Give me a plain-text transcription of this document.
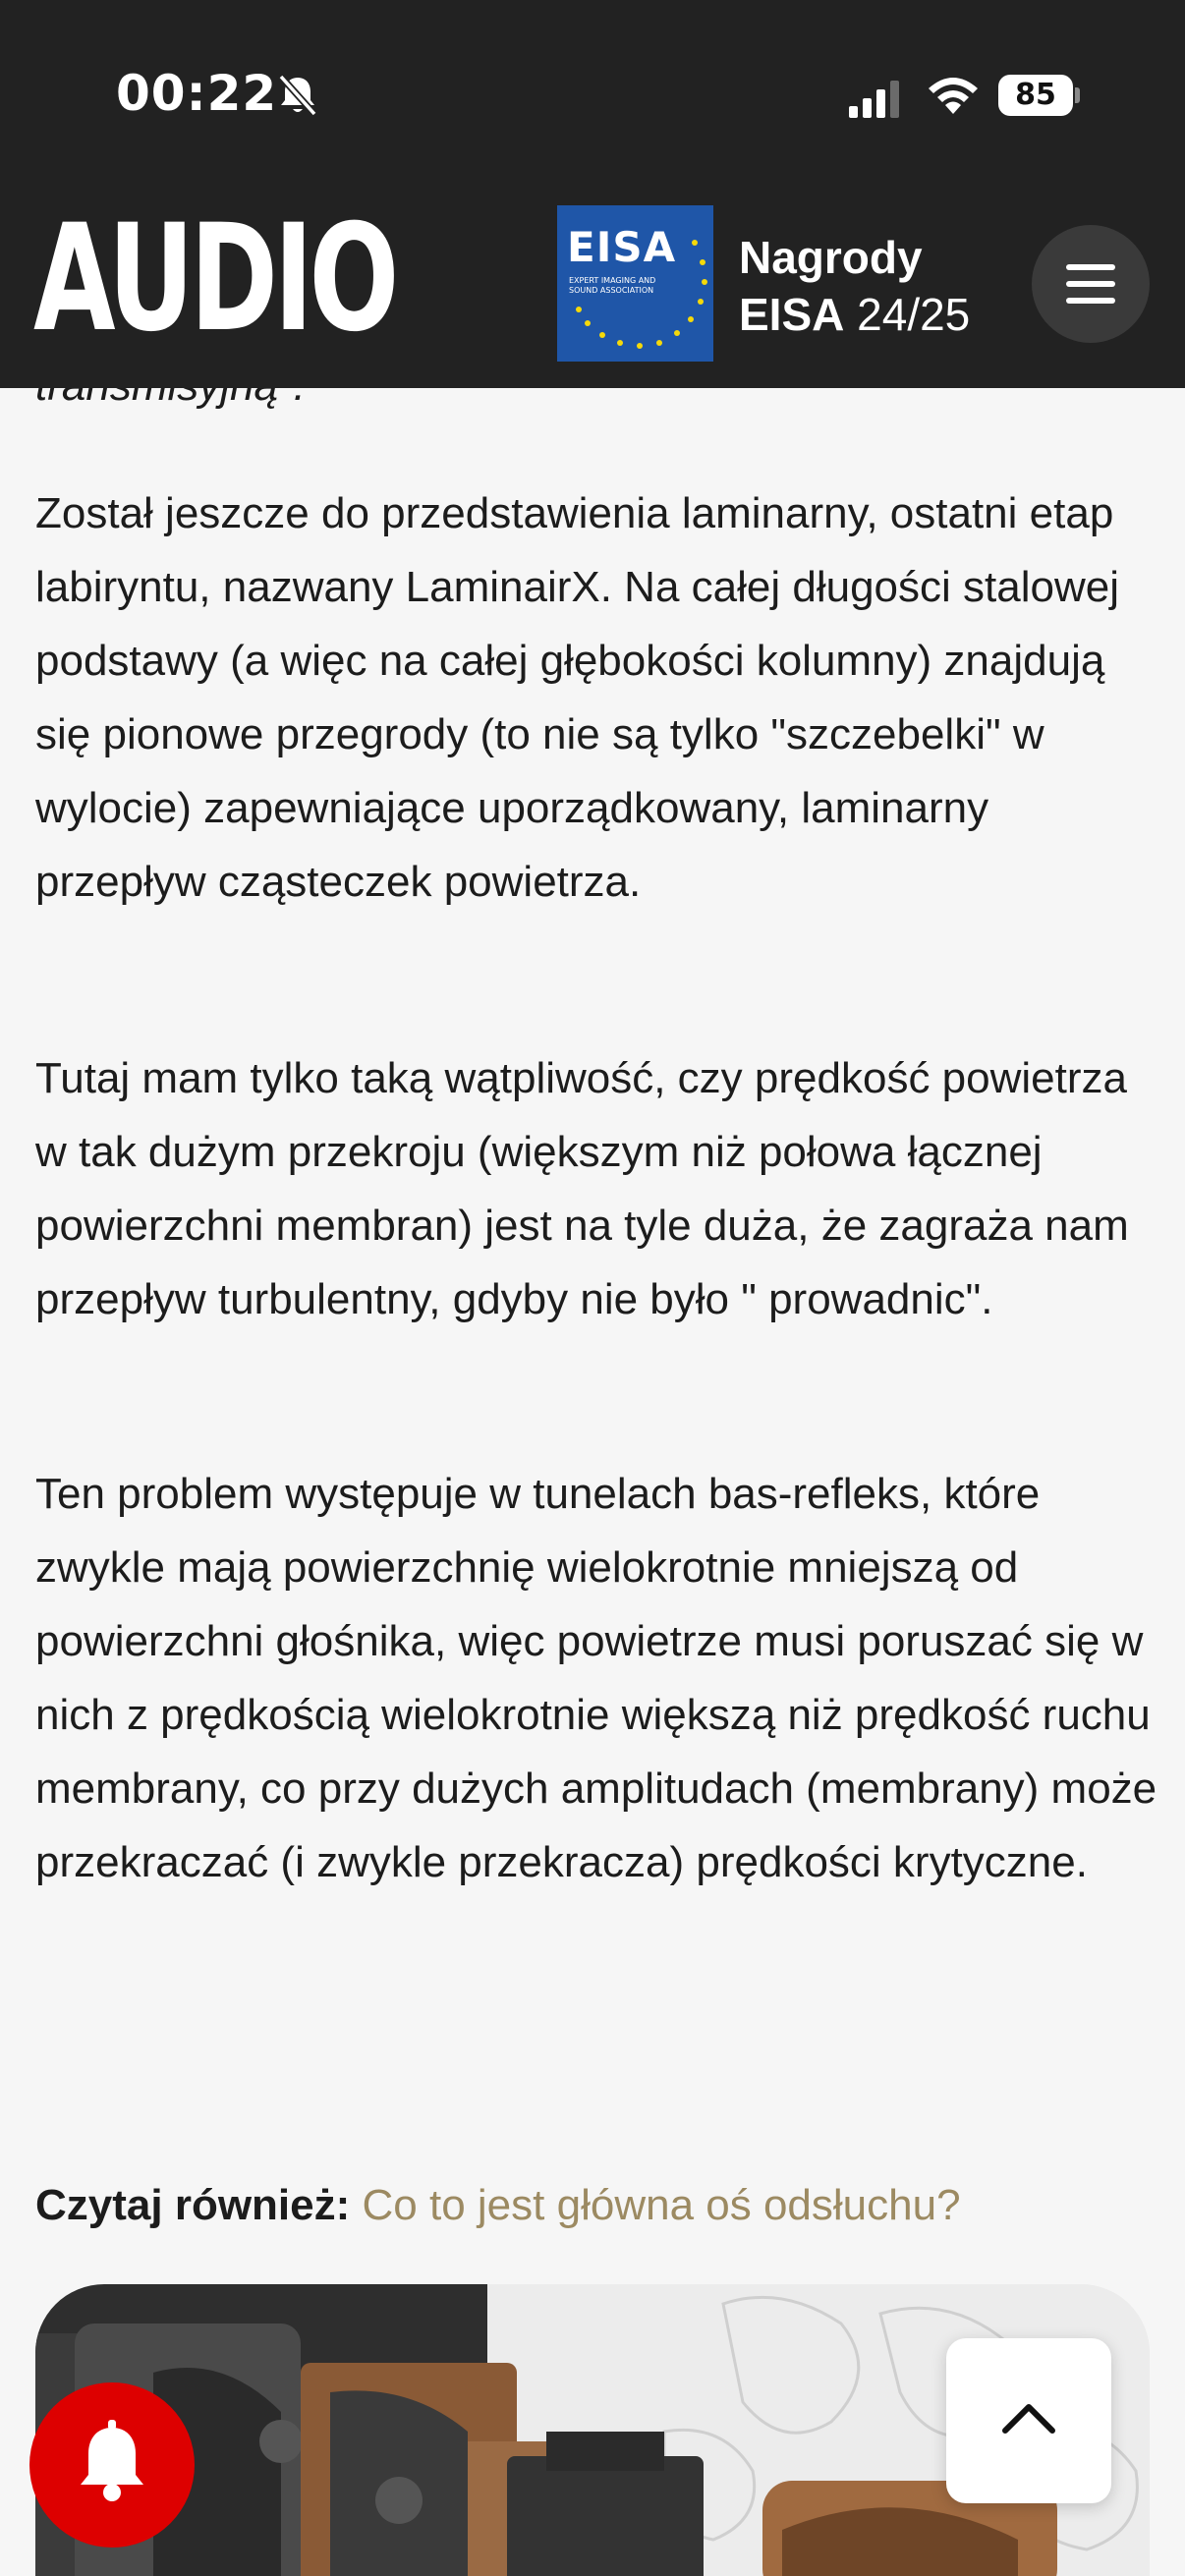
00:22	85
AUDIO	EISA
EXPERT IMAGING AND SOUND ASSOCIATION
Nagrody
EISA 24/25

Został jeszcze do przedstawienia laminarny, ostatni etap labiryntu, nazwany LaminairX. Na całej długości stalowej podstawy (a więc na całej głębokości kolumny) znajdują się pionowe przegrody (to nie są tylko "szczebelki" w wylocie) zapewniające uporządkowany, laminarny przepływ cząsteczek powietrza.

Tutaj mam tylko taką wątpliwość, czy prędkość powietrza w tak dużym przekroju (większym niż połowa łącznej powierzchni membran) jest na tyle duża, że zagraża nam przepływ turbulentny, gdyby nie było " prowadnic".

Ten problem występuje w tunelach bas-refleks, które zwykle mają powierzchnię wielokrotnie mniejszą od powierzchni głośnika, więc powietrze musi poruszać się w nich z prędkością wielokrotnie większą niż prędkość ruchu membrany, co przy dużych amplitudach (membrany) może przekraczać (i zwykle przekracza) prędkości krytyczne.

Czytaj również: Co to jest główna oś odsłuchu?
